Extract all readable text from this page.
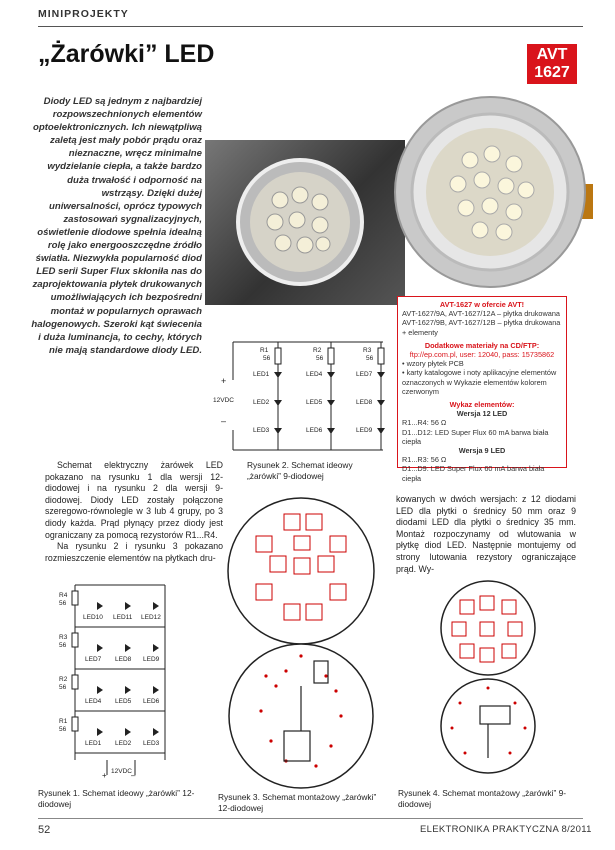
MINIPROJEKTY
„Żarówki” LED	AVT
1627
Diody LED są jednym z najbardziej rozpowszechnionych elementów optoelektronicznych. Ich niewątpliwą zaletą jest mały pobór prądu oraz nieznaczne, wręcz minimalne wydzielanie ciepła, a także bardzo duża trwałość i odporność na wstrząsy. Dzięki dużej uniwersalności, oprócz typowych zastosowań sygnalizacyjnych, oświetlenie diodowe spełnia idealną rolę jako energooszczędne źródło światła. Niezwykła popularność diod LED serii Super Flux skłoniła nas do zaprojektowania płytek drukowanych umożliwiających ich bezpośredni montaż w popularnych oprawach halogenowych. Szeroki kąt świecenia i duża luminancja, to cechy, których nie mają standardowe diody LED.
AVT-1627 w ofercie AVT!
AVT-1627/9A, AVT-1627/12A – płytka drukowana AVT-1627/9B, AVT-1627/12B – płytka drukowana + elementy
Dodatkowe materiały na CD/FTP:
ftp://ep.com.pl, user: 12040, pass: 15735862
• wzory płytek PCB
• karty katalogowe i noty aplikacyjne elementów oznaczonych w Wykazie elementów kolorem czerwonym
Wykaz elementów:
Wersja 12 LED
R1...R4: 56 Ω
D1...D12: LED Super Flux 60 mA barwa biała ciepła
Wersja 9 LED
R1...R3: 56 Ω
D1...D9: LED Super Flux 60 mA barwa biała ciepła
R1
56
R2
56
R3
56
LED1	LED4	LED7
LED2	LED5	LED8
LED3	LED6	LED9
+
12VDC
–
Rysunek 2. Schemat ideowy „żarówki” 9-diodowej
Schemat elektryczny żarówek LED pokazano na rysunku 1 dla wersji 12-diodowej i na rysunku 2 dla wersji 9-diodowej. Diody LED zostały połączone szeregowo-równolegle w 3 lub 4 grupy, po 3 diody każda. Prąd płynący przez diody jest ograniczany za pomocą rezystorów R1...R4.
Na rysunku 2 i rysunku 3 pokazano rozmieszczenie elementów na płytkach dru-
R4
56
R3
56
R2
56
R1
56
LED10 LED11 LED12
LED7 LED8 LED9
LED4 LED5 LED6
LED1 LED2 LED3
+ 12VDC –
Rysunek 1. Schemat ideowy „żarówki” 12-diodowej
Rysunek 3. Schemat montażowy „żarówki” 12-diodowej
kowanych w dwóch wersjach: z 12 diodami LED dla płytki o średnicy 50 mm oraz 9 diodami LED dla płytki o średnicy 35 mm. Montaż rozpoczynamy od wlutowania w płytkę diod LED. Następnie montujemy od strony lutowania rezystory ograniczające prąd. Wy-
Rysunek 4. Schemat montażowy „żarówki” 9-diodowej
52	ELEKTRONIKA PRAKTYCZNA 8/2011
